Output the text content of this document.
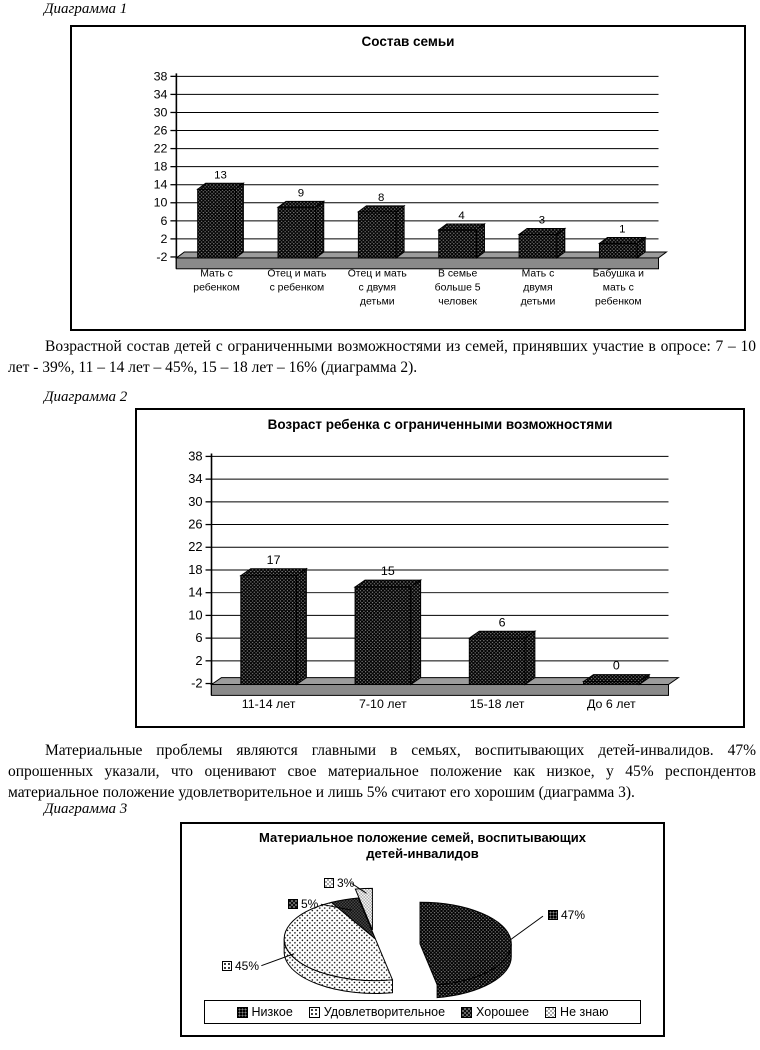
Диаграмма 1
-2
2
6
10
14
18
22
26
30
34
38
13
Мать с
ребенком
9
Отец и мать
с ребенком
8
Отец и мать
с двумя
детьми
4
В семье
больше 5
человек
3
Мать с
двумя
детьми
1
Бабушка и
мать с
ребенком
Состав семьи

Возрастной состав детей с ограниченными возможностями из семей, принявших участие в опросе: 7 – 10 лет - 39%, 11 – 14 лет – 45%, 15 – 18 лет – 16% (диаграмма 2).

Диаграмма 2
-2
2
6
10
14
18
22
26
30
34
38
17
11-14 лет
15
7-10 лет
6
15-18 лет
0
До 6 лет
Возраст ребенка с ограниченными возможностями

Материальные проблемы являются главными в семьях, воспитывающих детей-инвалидов. 47% опрошенных указали, что оценивают свое материальное положение как низкое, у 45% респондентов материальное положение удовлетворительное и лишь 5% считают его хорошим (диаграмма 3).

Диаграмма 3
Материальное положение семей, воспитывающих
детей-инвалидов
3%
5%
47%
45%
Низкое Удовлетворительное Хорошее Не знаю
